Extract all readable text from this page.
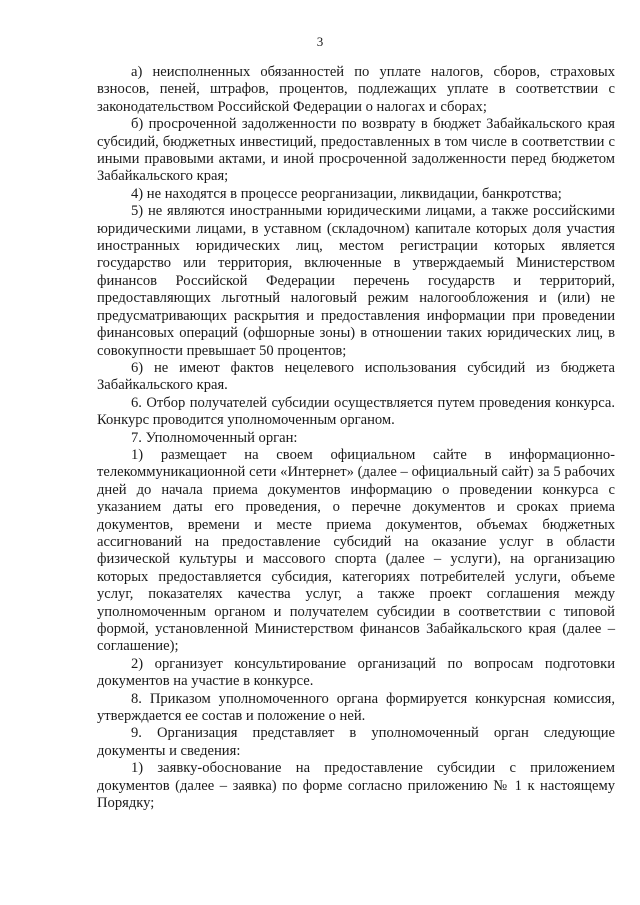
3

а) неисполненных обязанностей по уплате налогов, сборов, страховых взносов, пеней, штрафов, процентов, подлежащих уплате в соответствии с законодательством Российской Федерации о налогах и сборах;

б) просроченной задолженности по возврату в бюджет Забайкальского края субсидий, бюджетных инвестиций, предоставленных в том числе в соответствии с иными правовыми актами, и иной просроченной задолженности перед бюджетом Забайкальского края;

4) не находятся в процессе реорганизации, ликвидации, банкротства;

5) не являются иностранными юридическими лицами, а также российскими юридическими лицами, в уставном (складочном) капитале которых доля участия иностранных юридических лиц, местом регистрации которых является государство или территория, включенные в утверждаемый Министерством финансов Российской Федерации перечень государств и территорий, предоставляющих льготный налоговый режим налогообложения и (или) не предусматривающих раскрытия и предоставления информации при проведении финансовых операций (офшорные зоны) в отношении таких юридических лиц, в совокупности превышает 50 процентов;

6) не имеют фактов нецелевого использования субсидий из бюджета Забайкальского края.

6. Отбор получателей субсидии осуществляется путем проведения конкурса. Конкурс проводится уполномоченным органом.

7. Уполномоченный орган:

1) размещает на своем официальном сайте в информационно-телекоммуникационной сети «Интернет» (далее – официальный сайт) за 5 рабочих дней до начала приема документов информацию о проведении конкурса с указанием даты его проведения, о перечне документов и сроках приема документов, времени и месте приема документов, объемах бюджетных ассигнований на предоставление субсидий на оказание услуг в области физической культуры и массового спорта (далее – услуги), на организацию которых предоставляется субсидия, категориях потребителей услуги, объеме услуг, показателях качества услуг, а также проект соглашения между уполномоченным органом и получателем субсидии в соответствии с типовой формой, установленной Министерством финансов Забайкальского края (далее – соглашение);

2) организует консультирование организаций по вопросам подготовки документов на участие в конкурсе.

8. Приказом уполномоченного органа формируется конкурсная комиссия, утверждается ее состав и положение о ней.

9. Организация представляет в уполномоченный орган следующие документы и сведения:

1) заявку-обоснование на предоставление субсидии с приложением документов (далее – заявка) по форме согласно приложению № 1 к настоящему Порядку;
